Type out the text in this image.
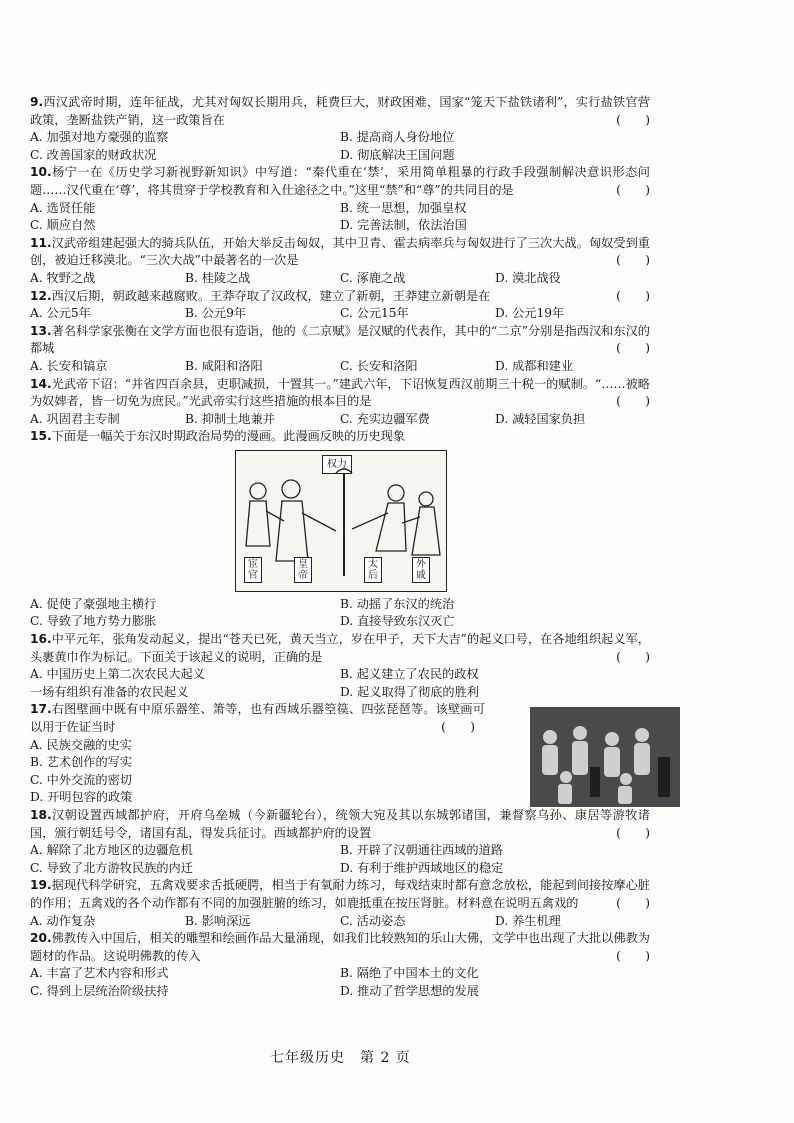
9.西汉武帝时期，连年征战，尤其对匈奴长期用兵，耗费巨大，财政困难，国家“笼天下盐铁诸利”，实行盐铁官营政策，垄断盐铁产销，这一政策旨在	(　　)
A. 加强对地方豪强的监察	B. 提高商人身份地位
C. 改善国家的财政状况	D. 彻底解决王国问题
10.杨宁一在《历史学习新视野新知识》中写道：“秦代重在‘禁’，采用简单粗暴的行政手段强制解决意识形态问题……汉代重在‘尊’，将其贯穿于学校教育和入仕途径之中。”这里“禁”和“尊”的共同目的是	(　　)
A. 选贤任能	B. 统一思想，加强皇权
C. 顺应自然	D. 完善法制，依法治国
11.汉武帝组建起强大的骑兵队伍，开始大举反击匈奴，其中卫青、霍去病率兵与匈奴进行了三次大战。匈奴受到重创，被迫迁移漠北。“三次大战”中最著名的一次是	(　　)
A. 牧野之战	B. 桂陵之战	C. 涿鹿之战	D. 漠北战役
12.西汉后期，朝政越来越腐败。王莽夺取了汉政权，建立了新朝，王莽建立新朝是在	(　　)
A. 公元5年	B. 公元9年	C. 公元15年	D. 公元19年
13.著名科学家张衡在文学方面也很有造诣，他的《二京赋》是汉赋的代表作，其中的“二京”分别是指西汉和东汉的都城	(　　)
A. 长安和镐京	B. 咸阳和洛阳	C. 长安和洛阳	D. 成都和建业
14.光武帝下诏：“并省四百余县，吏职减损，十置其一。”建武六年，下诏恢复西汉前期三十税一的赋制。“……被略为奴婢者，皆一切免为庶民。”光武帝实行这些措施的根本目的是	(　　)
A. 巩固君主专制	B. 抑制土地兼并	C. 充实边疆军费	D. 减轻国家负担
15.下面是一幅关于东汉时期政治局势的漫画。此漫画反映的历史现象
权力
宦官
皇帝
太后
外戚
A. 促使了豪强地主横行	B. 动摇了东汉的统治
C. 导致了地方势力膨胀	D. 直接导致东汉灭亡
16.中平元年，张角发动起义，提出“苍天已死，黄天当立，岁在甲子，天下大吉”的起义口号，在各地组织起义军，头裹黄巾作为标记。下面关于该起义的说明，正确的是	(　　)
A. 中国历史上第二次农民大起义	B. 起义建立了农民的政权
一场有组织有准备的农民起义	D. 起义取得了彻底的胜利
17.右图壁画中既有中原乐器笙、箫等，也有西域乐器箜篌、四弦琵琶等。该壁画可以用于佐证当时	(　　)
A. 民族交融的史实
B. 艺术创作的写实
C. 中外交流的密切
D. 开明包容的政策
18.汉朝设置西域都护府，开府乌垒城（今新疆轮台），统领大宛及其以东城郭诸国，兼督察乌孙、康居等游牧诸国，颁行朝廷号令，诸国有乱，得发兵征讨。西域都护府的设置	(　　)
A. 解除了北方地区的边疆危机	B. 开辟了汉朝通往西域的道路
C. 导致了北方游牧民族的内迁	D. 有利于维护西域地区的稳定
19.据现代科学研究，五禽戏要求舌抵硬腭，相当于有氧耐力练习，每戏结束时都有意念放松，能起到间接按摩心脏的作用；五禽戏的各个动作都有不同的加强脏腑的练习，如鹿抵重在按压肾脏。材料意在说明五禽戏的	(　　)
A. 动作复杂	B. 影响深远	C. 活动姿态	D. 养生机理
20.佛教传入中国后，相关的雕塑和绘画作品大量涌现，如我们比较熟知的乐山大佛，文学中也出现了大批以佛教为题材的作品。这说明佛教的传入	(　　)
A. 丰富了艺术内容和形式	B. 隔绝了中国本土的文化
C. 得到上层统治阶级扶持	D. 推动了哲学思想的发展
七年级历史　第 2 页
